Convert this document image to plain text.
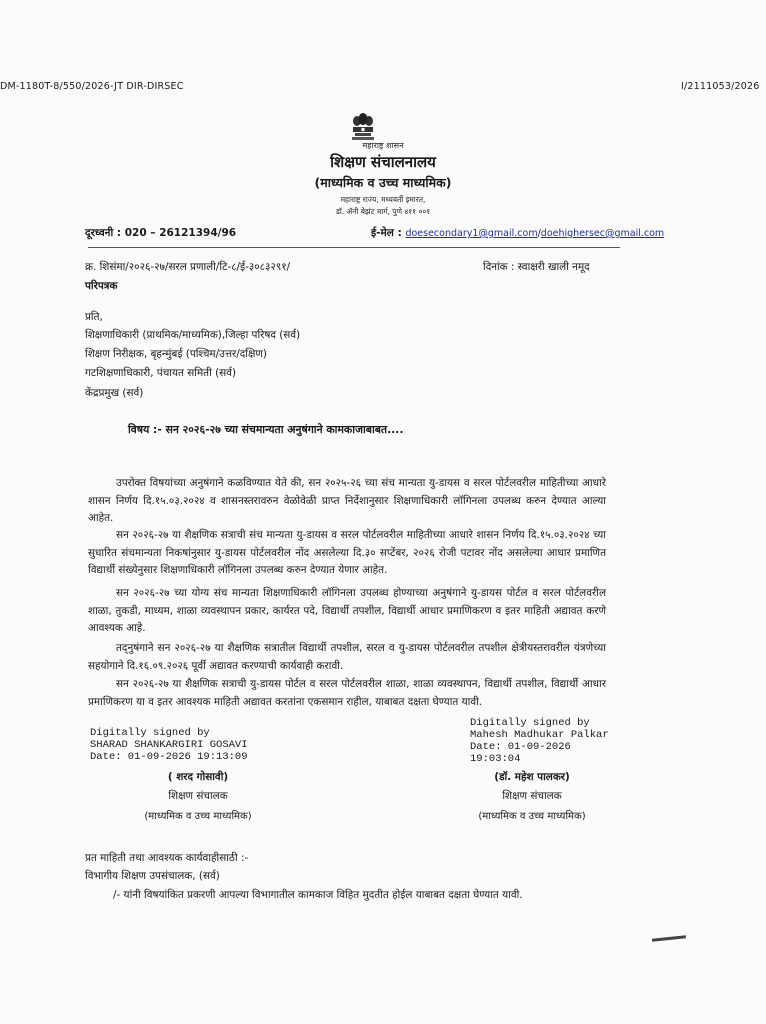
DM-1180T-8/550/2026-JT DIR-DIRSEC	I/2111053/2026
महाराष्ट्र शासन
शिक्षण संचालनालय
(माध्यमिक व उच्च माध्यमिक)
महाराष्ट्र राज्य, मध्यवर्ती इमारत,
डॉ. ॲनी बेझंट मार्ग, पुणे ४११ ००१
दूरध्वनी : 020 – 26121394/96	ई-मेल : doesecondary1@gmail.com/doehighersec@gmail.com
क्र. शिसंमा/२०२६-२७/सरल प्रणाली/टि-८/ई-३०८३२९१/	दिनांक : स्वाक्षरी खाली नमूद
परिपत्रक
प्रति,
शिक्षणाधिकारी (प्राथमिक/माध्यमिक),जिल्हा परिषद (सर्व)
शिक्षण निरीक्षक, बृहन्मुंबई (पश्चिम/उत्तर/दक्षिण)
गटशिक्षणाधिकारी, पंचायत समिती (सर्व)
केंद्रप्रमुख (सर्व)
विषय :- सन २०२६-२७ च्या संचमान्यता अनुषंगाने कामकाजाबाबत....
उपरोक्त विषयांच्या अनुषंगाने कळविण्यात येते की, सन २०२५-२६ च्या संच मान्यता यु-डायस व सरल पोर्टलवरील माहितीच्या आधारे शासन निर्णय दि.१५.०३.२०२४ व शासनस्तरावरुन वेळोवेळी प्राप्त निर्देशानुसार शिक्षणाधिकारी लॉगिनला उपलब्ध करुन देण्यात आल्या आहेत.
सन २०२६-२७ या शैक्षणिक सत्राची संच मान्यता यु-डायस व सरल पोर्टलवरील माहितीच्या आधारे शासन निर्णय दि.१५.०३.२०२४ च्या सुधारित संचमान्यता निकषांनुसार यु-डायस पोर्टलवरील नोंद असलेल्या दि.३० सप्टेंबर, २०२६ रोजी पटावर नोंद असलेल्या आधार प्रमाणित विद्यार्थी संख्येनुसार शिक्षणाधिकारी लॉगिनला उपलब्ध करुन देण्यात येणार आहेत.
सन २०२६-२७ च्या योग्य संच मान्यता शिक्षणाधिकारी लॉगिनला उपलब्ध होण्याच्या अनुषंगाने यु-डायस पोर्टल व सरल पोर्टलवरील शाळा, तुकडी, माध्यम, शाळा व्यवस्थापन प्रकार, कार्यरत पदे, विद्यार्थी तपशील, विद्यार्थी आधार प्रमाणिकरण व इतर माहिती अद्यावत करणे आवश्यक आहे.
तद्नुषंगाने सन २०२६-२७ या शैक्षणिक सत्रातील विद्यार्थी तपशील, सरल व यु-डायस पोर्टलवरील तपशील क्षेत्रीयस्तरावरील यंत्रणेच्या सहयोगाने दि.१६.०९.२०२६ पूर्वी अद्यावत करण्याची कार्यवाही करावी.
सन २०२६-२७ या शैक्षणिक सत्राची यु-डायस पोर्टल व सरल पोर्टलवरील शाळा, शाळा व्यवस्थापन, विद्यार्थी तपशील, विद्यार्थी आधार प्रमाणिकरण या व इतर आवश्यक माहिती अद्यावत करतांना एकसमान राहील, याबाबत दक्षता घेण्यात यावी.
Digitally signed by
SHARAD SHANKARGIRI GOSAVI
Date: 01-09-2026 19:13:09
( शरद गोसावी)
शिक्षण संचालक
(माध्यमिक व उच्च माध्यमिक)
Digitally signed by
Mahesh Madhukar Palkar
Date: 01-09-2026
19:03:04
(डॉ. महेश पालकर)
शिक्षण संचालक
(माध्यमिक व उच्च माध्यमिक)
प्रत माहिती तथा आवश्यक कार्यवाहीसाठी :-
विभागीय शिक्षण उपसंचालक, (सर्व)
/- यांनी विषयांकित प्रकरणी आपल्या विभागातील कामकाज विहित मुदतीत होईल याबाबत दक्षता घेण्यात यावी.
